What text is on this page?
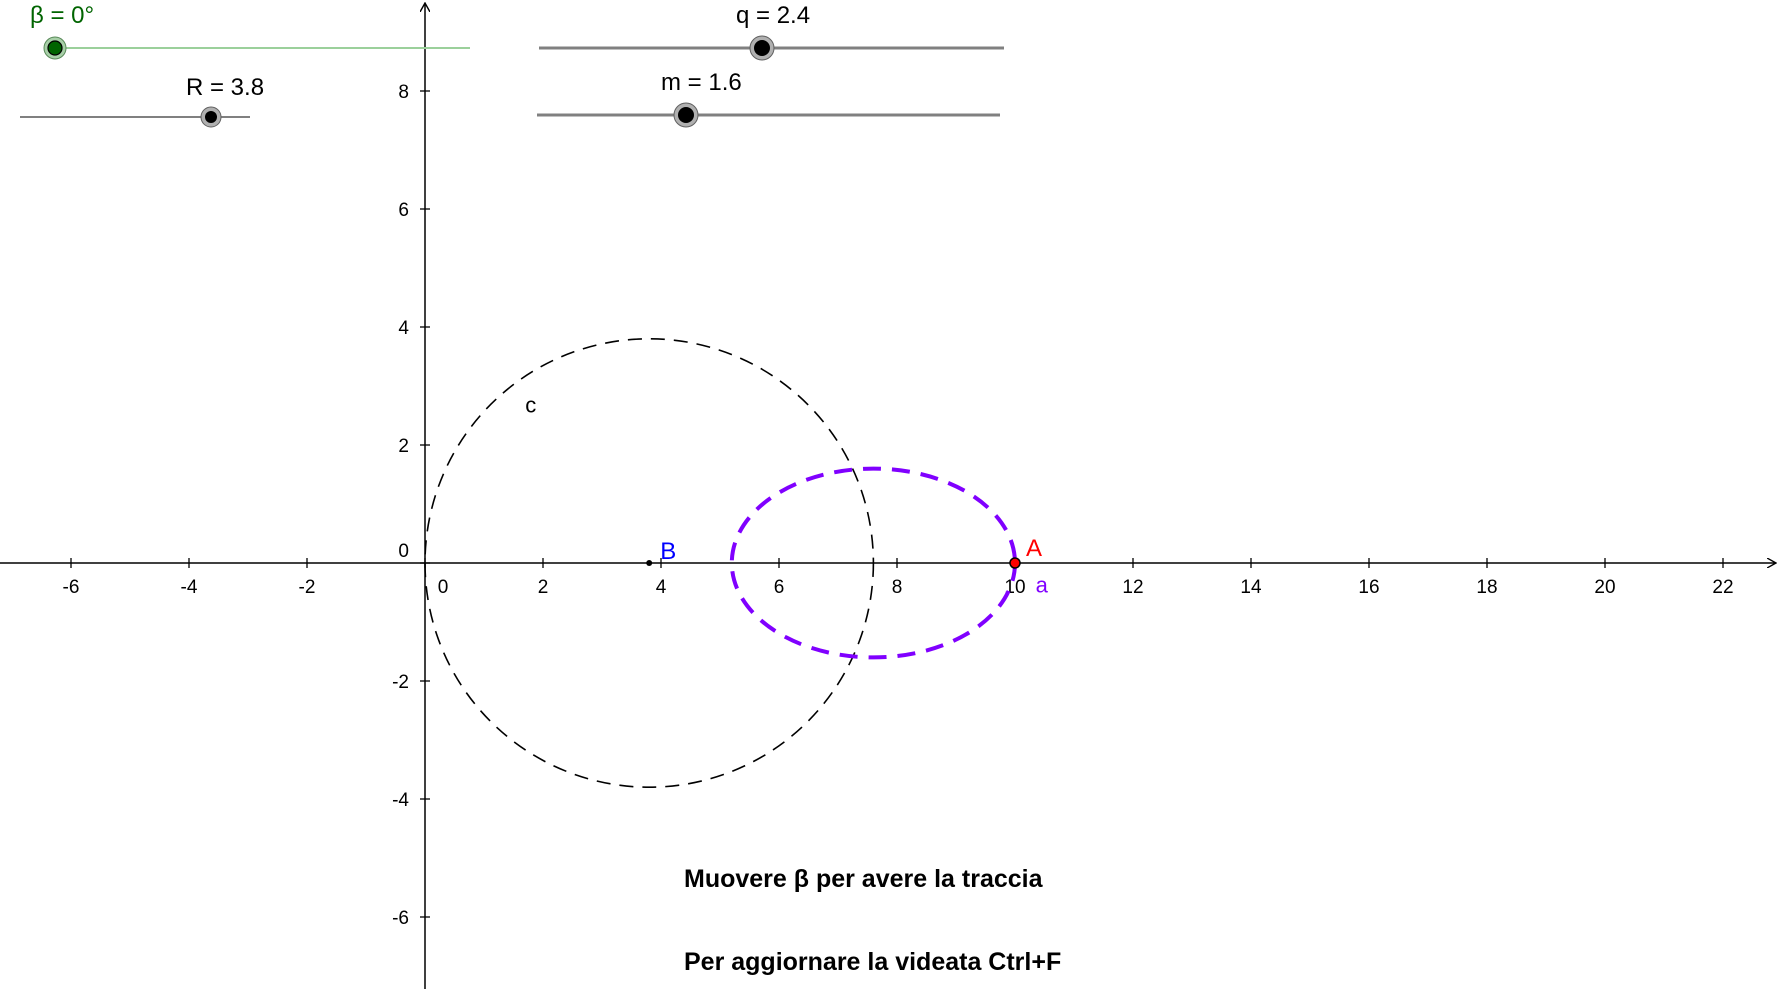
-6	-4	-2	0	2	4	6	8	10	12	14	16	18	20	22
-6
-4
-2
0
2
4
6
8
c
a
B	A
β = 0°	q = 2.4
R = 3.8	m = 1.6
Muovere β per avere la traccia
Per aggiornare la videata Ctrl+F
